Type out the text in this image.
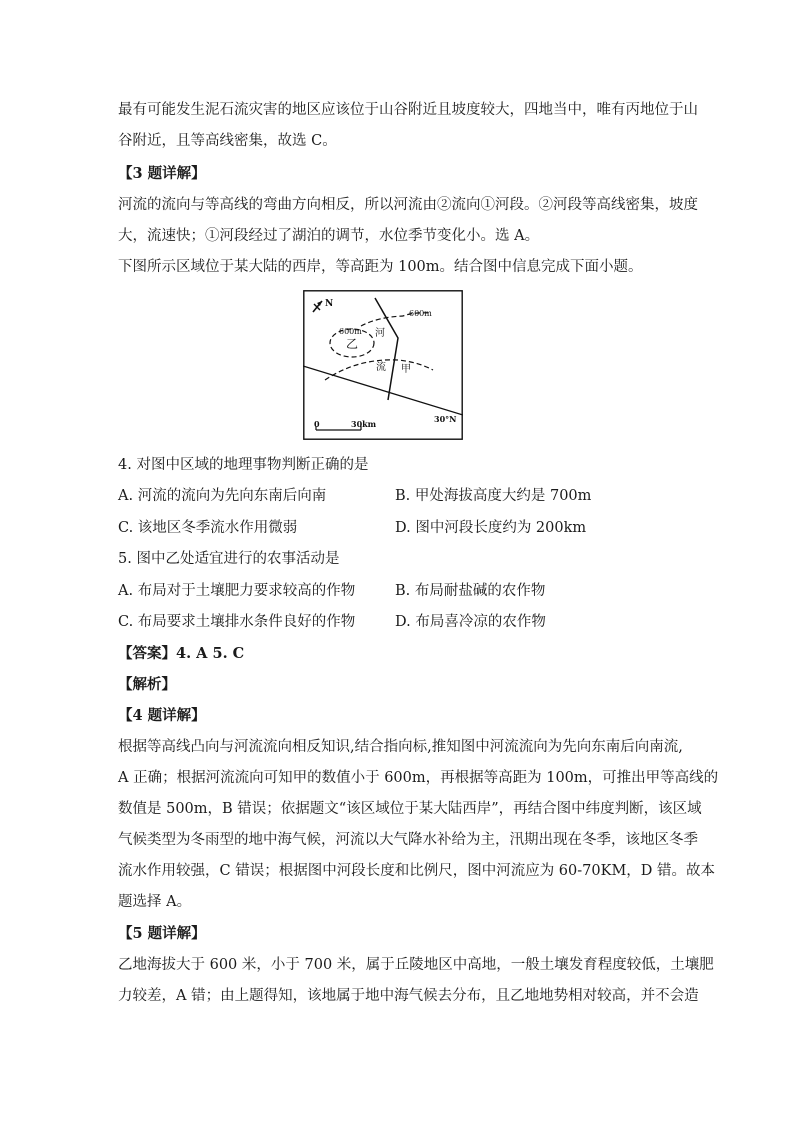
最有可能发生泥石流灾害的地区应该位于山谷附近且坡度较大，四地当中，唯有丙地位于山
谷附近，且等高线密集，故选 C。
【3 题详解】
河流的流向与等高线的弯曲方向相反，所以河流由②流向①河段。②河段等高线密集，坡度
大，流速快；①河段经过了湖泊的调节，水位季节变化小。选 A。
下图所示区域位于某大陆的西岸，等高距为 100m。结合图中信息完成下面小题。
N
600m
600m
乙
河
流 甲
30°N
0	30km
4. 对图中区域的地理事物判断正确的是
A. 河流的流向为先向东南后向南	B. 甲处海拔高度大约是 700m
C. 该地区冬季流水作用微弱	D. 图中河段长度约为 200km
5. 图中乙处适宜进行的农事活动是
A. 布局对于土壤肥力要求较高的作物	B. 布局耐盐碱的农作物
C. 布局要求土壤排水条件良好的作物	D. 布局喜冷凉的农作物
【答案】4. A 5. C
【解析】
【4 题详解】
根据等高线凸向与河流流向相反知识,结合指向标,推知图中河流流向为先向东南后向南流,
A 正确；根据河流流向可知甲的数值小于 600m，再根据等高距为 100m，可推出甲等高线的
数值是 500m，B 错误；依据题文“该区域位于某大陆西岸”，再结合图中纬度判断，该区域
气候类型为冬雨型的地中海气候，河流以大气降水补给为主，汛期出现在冬季，该地区冬季
流水作用较强，C 错误；根据图中河段长度和比例尺，图中河流应为 60-70KM，D 错。故本
题选择 A。
【5 题详解】
乙地海拔大于 600 米，小于 700 米，属于丘陵地区中高地，一般土壤发育程度较低，土壤肥
力较差，A 错；由上题得知，该地属于地中海气候去分布，且乙地地势相对较高，并不会造
